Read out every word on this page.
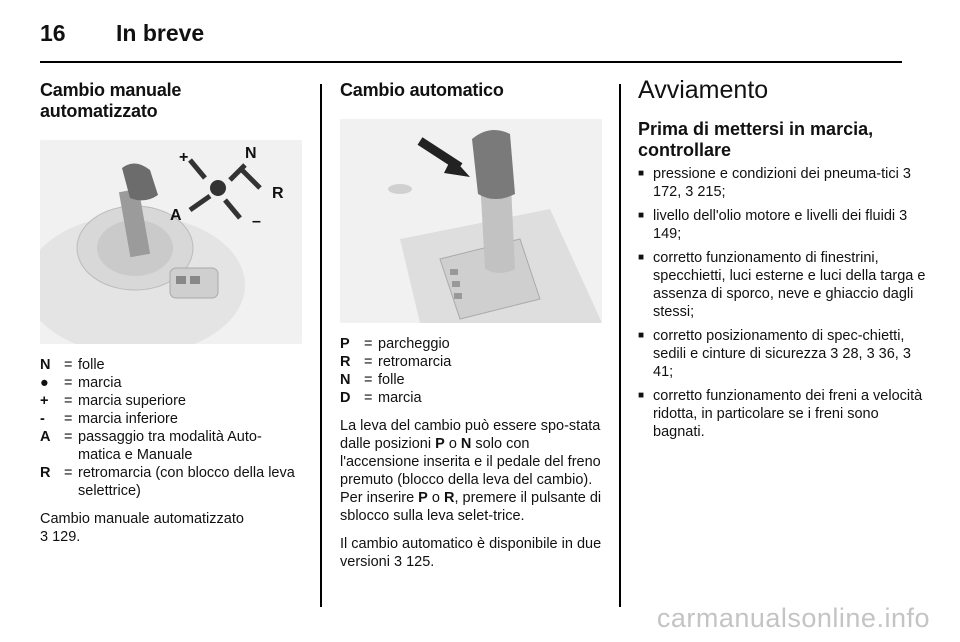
16 In breve
Cambio manuale automatizzato
+	N
R
A	–
N = folle
●	= marcia
+	= marcia superiore
-	= marcia inferiore
A = passaggio tra modalità Auto-matica e Manuale
R = retromarcia (con blocco della leva selettrice)

Cambio manuale automatizzato
3 129.

Cambio automatico
P = parcheggio
R = retromarcia
N = folle
D = marcia

La leva del cambio può essere spo-stata dalle posizioni P o N solo con l'accensione inserita e il pedale del freno premuto (blocco della leva del cambio). Per inserire P o R, premere il pulsante di sblocco sulla leva selet-trice.

Il cambio automatico è disponibile in due versioni 3 125.

Avviamento
Prima di mettersi in marcia, controllare
■ pressione e condizioni dei pneuma-tici 3 172, 3 215;
■ livello dell'olio motore e livelli dei fluidi 3 149;
■ corretto funzionamento di finestrini, specchietti, luci esterne e luci della targa e assenza di sporco, neve e ghiaccio dagli stessi;
■ corretto posizionamento di spec-chietti, sedili e cinture di sicurezza 3 28, 3 36, 3 41;
■ corretto funzionamento dei freni a velocità ridotta, in particolare se i freni sono bagnati.
carmanualsonline.info
